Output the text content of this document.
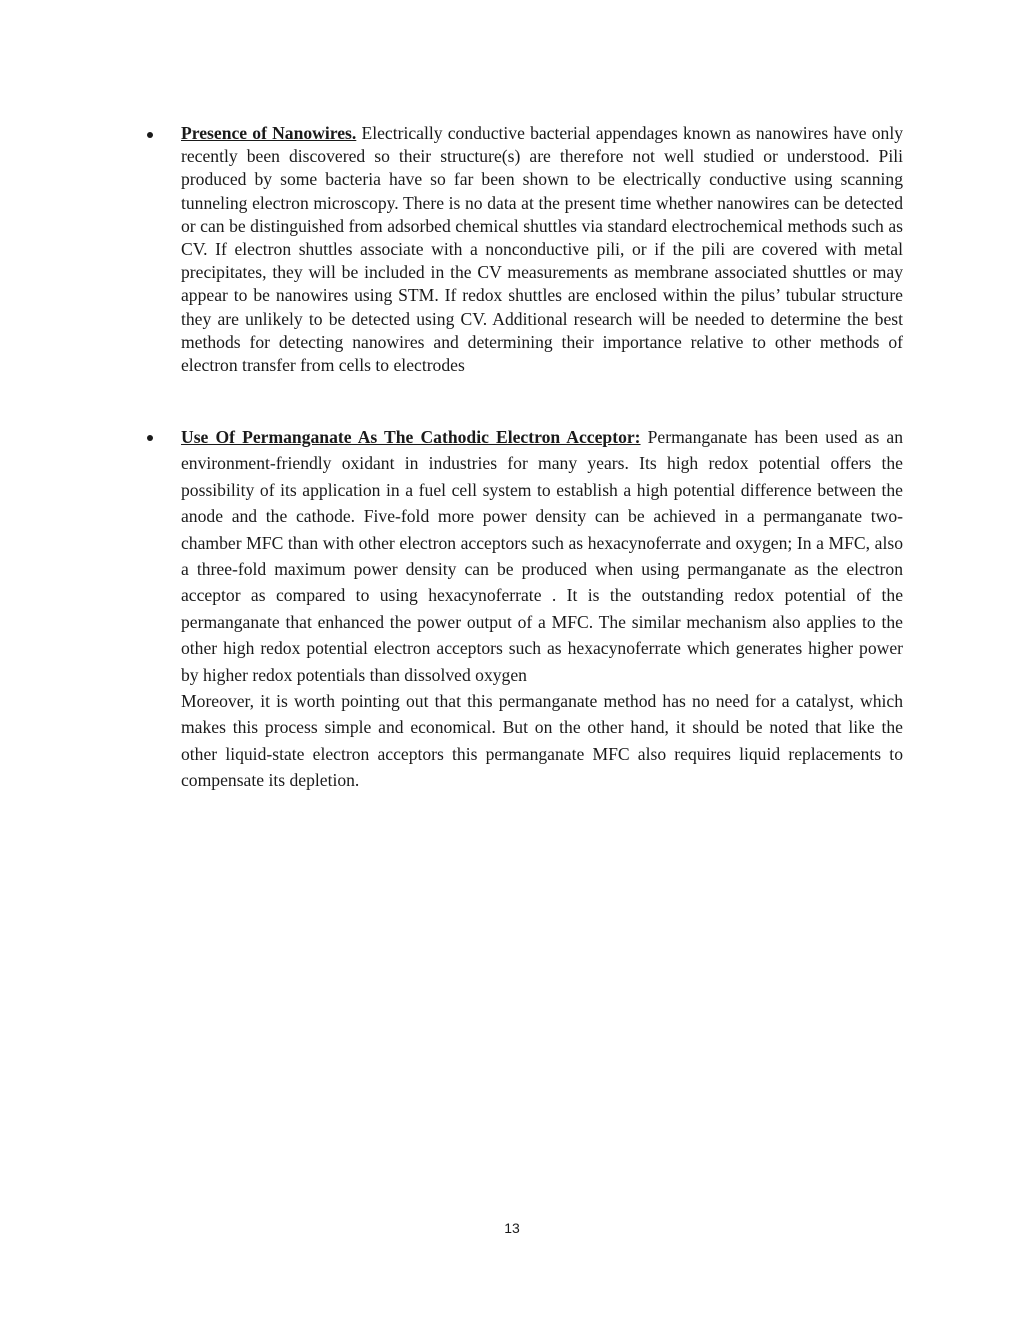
Presence of Nanowires. Electrically conductive bacterial appendages known as nanowires have only recently been discovered so their structure(s) are therefore not well studied or understood. Pili produced by some bacteria have so far been shown to be electrically conductive using scanning tunneling electron microscopy. There is no data at the present time whether nanowires can be detected or can be distinguished from adsorbed chemical shuttles via standard electrochemical methods such as CV. If electron shuttles associate with a nonconductive pili, or if the pili are covered with metal precipitates, they will be included in the CV measurements as membrane associated shuttles or may appear to be nanowires using STM. If redox shuttles are enclosed within the pilus’ tubular structure they are unlikely to be detected using CV. Additional research will be needed to determine the best methods for detecting nanowires and determining their importance relative to other methods of electron transfer from cells to electrodes

Use Of Permanganate As The Cathodic Electron Acceptor: Permanganate has been used as an environment-friendly oxidant in industries for many years. Its high redox potential offers the possibility of its application in a fuel cell system to establish a high potential difference between the anode and the cathode. Five-fold more power density can be achieved in a permanganate two-chamber MFC than with other electron acceptors such as hexacynoferrate and oxygen; In a MFC, also a three-fold maximum power density can be produced when using permanganate as the electron acceptor as compared to using hexacynoferrate . It is the outstanding redox potential of the permanganate that enhanced the power output of a MFC. The similar mechanism also applies to the other high redox potential electron acceptors such as hexacynoferrate which generates higher power by higher redox potentials than dissolved oxygen

Moreover, it is worth pointing out that this permanganate method has no need for a catalyst, which makes this process simple and economical. But on the other hand, it should be noted that like the other liquid-state electron acceptors this permanganate MFC also requires liquid replacements to compensate its depletion.

13
